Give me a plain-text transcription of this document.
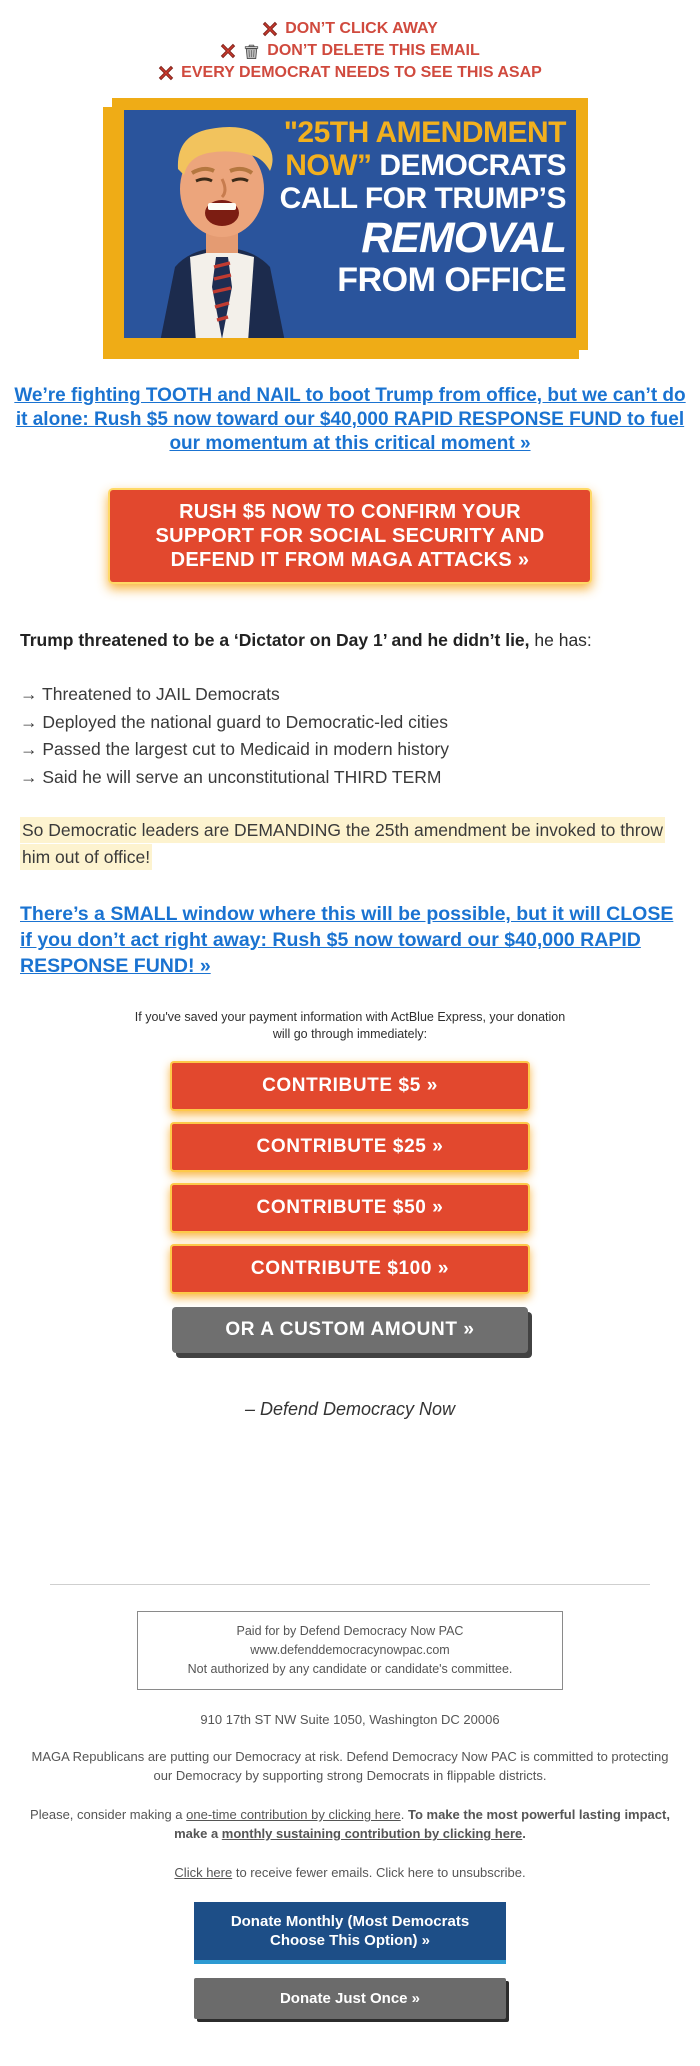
DON’T CLICK AWAY
DON’T DELETE THIS EMAIL
EVERY DEMOCRAT NEEDS TO SEE THIS ASAP
"25TH AMENDMENT
NOW” DEMOCRATS
CALL FOR TRUMP’S
REMOVAL
FROM OFFICE
We’re fighting TOOTH and NAIL to boot Trump from office, but we can’t do it alone: Rush $5 now toward our $40,000 RAPID RESPONSE FUND to fuel our momentum at this critical moment »
RUSH $5 NOW TO CONFIRM YOUR SUPPORT FOR SOCIAL SECURITY AND DEFEND IT FROM MAGA ATTACKS »

Trump threatened to be a ‘Dictator on Day 1’ and he didn’t lie, he has:

→ Threatened to JAIL Democrats
→ Deployed the national guard to Democratic-led cities
→ Passed the largest cut to Medicaid in modern history
→ Said he will serve an unconstitutional THIRD TERM

So Democratic leaders are DEMANDING the 25th amendment be invoked to throw him out of office!

There’s a SMALL window where this will be possible, but it will CLOSE if you don’t act right away: Rush $5 now toward our $40,000 RAPID RESPONSE FUND! »
If you've saved your payment information with ActBlue Express, your donation
will go through immediately:
CONTRIBUTE $5 »
CONTRIBUTE $25 »
CONTRIBUTE $50 »
CONTRIBUTE $100 »
OR A CUSTOM AMOUNT »
– Defend Democracy Now
Paid for by Defend Democracy Now PAC
www.defenddemocracynowpac.com
Not authorized by any candidate or candidate's committee.
910 17th ST NW Suite 1050, Washington DC 20006

MAGA Republicans are putting our Democracy at risk. Defend Democracy Now PAC is committed to protecting our Democracy by supporting strong Democrats in flippable districts.

Please, consider making a one-time contribution by clicking here. To make the most powerful lasting impact, make a monthly sustaining contribution by clicking here.

Click here to receive fewer emails. Click here to unsubscribe.

Donate Monthly (Most Democrats Choose This Option) »
Donate Just Once »
